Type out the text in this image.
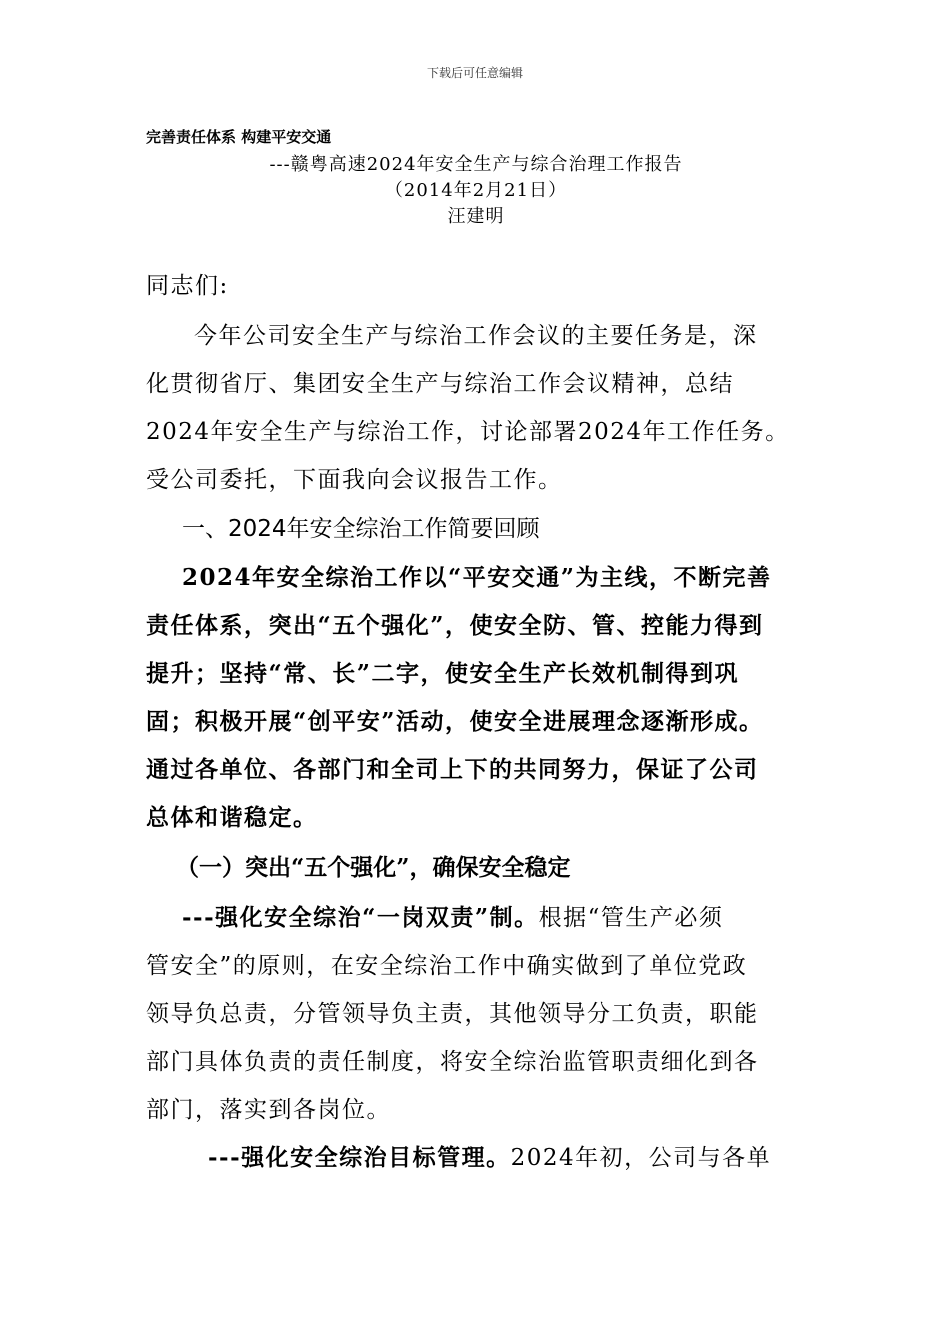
下载后可任意编辑
完善责任体系 构建平安交通
---赣粤高速2024年安全生产与综合治理工作报告
（2014年2月21日）
汪建明

同志们:

今年公司安全生产与综治工作会议的主要任务是，深

化贯彻省厅、集团安全生产与综治工作会议精神，总结

2024年安全生产与综治工作，讨论部署2024年工作任务。

受公司委托，下面我向会议报告工作。

一、2024年安全综治工作简要回顾

2024年安全综治工作以“平安交通”为主线，不断完善

责任体系，突出“五个强化”，使安全防、管、控能力得到

提升；坚持“常、长”二字，使安全生产长效机制得到巩

固；积极开展“创平安”活动，使安全进展理念逐渐形成。

通过各单位、各部门和全司上下的共同努力，保证了公司

总体和谐稳定。

（一）突出“五个强化”，确保安全稳定

---强化安全综治“一岗双责”制。根据“管生产必须

管安全”的原则，在安全综治工作中确实做到了单位党政

领导负总责，分管领导负主责，其他领导分工负责，职能

部门具体负责的责任制度，将安全综治监管职责细化到各

部门，落实到各岗位。

---强化安全综治目标管理。2024年初，公司与各单
